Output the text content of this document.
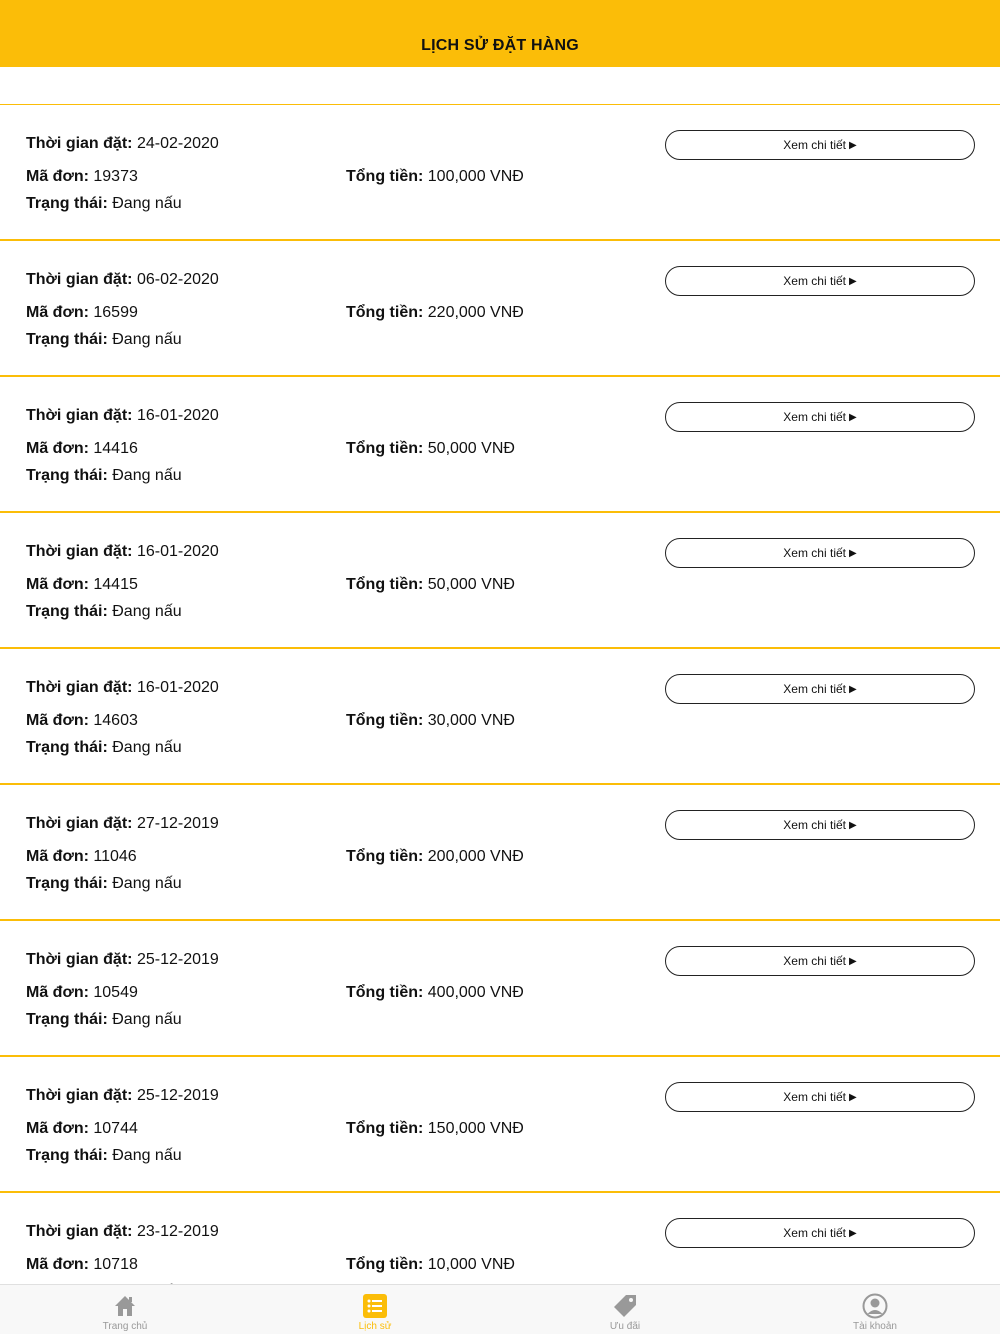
LỊCH SỬ ĐẶT HÀNG
Thời gian đặt: 24-02-2020
Mã đơn: 19373	Tổng tiền: 100,000 VNĐ
Trạng thái: Đang nấu
Xem chi tiết ▶
Thời gian đặt: 06-02-2020
Mã đơn: 16599	Tổng tiền: 220,000 VNĐ
Trạng thái: Đang nấu
Xem chi tiết ▶
Thời gian đặt: 16-01-2020
Mã đơn: 14416	Tổng tiền: 50,000 VNĐ
Trạng thái: Đang nấu
Xem chi tiết ▶
Thời gian đặt: 16-01-2020
Mã đơn: 14415	Tổng tiền: 50,000 VNĐ
Trạng thái: Đang nấu
Xem chi tiết ▶
Thời gian đặt: 16-01-2020
Mã đơn: 14603	Tổng tiền: 30,000 VNĐ
Trạng thái: Đang nấu
Xem chi tiết ▶
Thời gian đặt: 27-12-2019
Mã đơn: 11046	Tổng tiền: 200,000 VNĐ
Trạng thái: Đang nấu
Xem chi tiết ▶
Thời gian đặt: 25-12-2019
Mã đơn: 10549	Tổng tiền: 400,000 VNĐ
Trạng thái: Đang nấu
Xem chi tiết ▶
Thời gian đặt: 25-12-2019
Mã đơn: 10744	Tổng tiền: 150,000 VNĐ
Trạng thái: Đang nấu
Xem chi tiết ▶
Thời gian đặt: 23-12-2019
Mã đơn: 10718	Tổng tiền: 10,000 VNĐ
Xem chi tiết ▶
Trang chủ	Lịch sử	Ưu đãi	Tài khoản
